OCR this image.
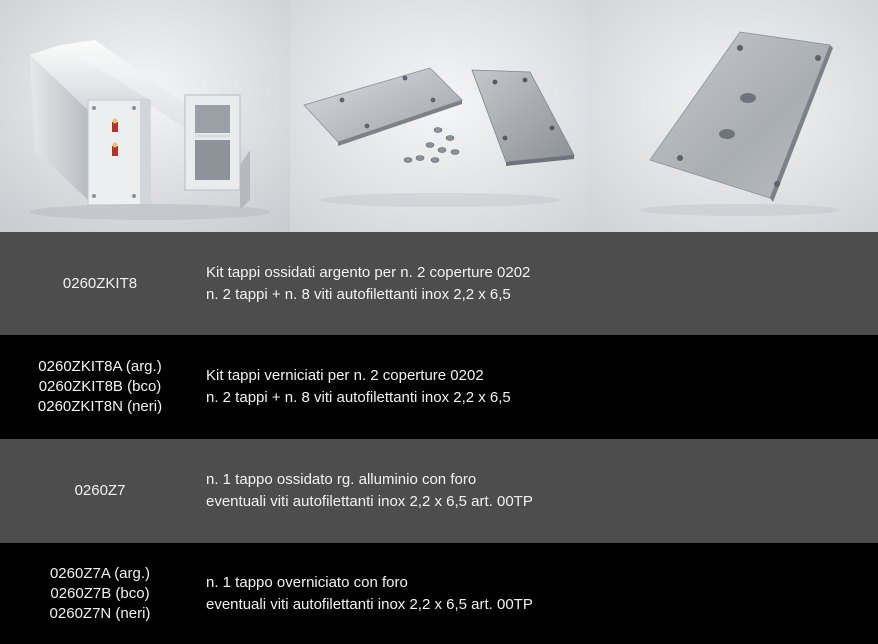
0260ZKIT8
Kit tappi ossidati argento per n. 2 coperture 0202
n. 2 tappi + n. 8 viti autofilettanti inox 2,2 x 6,5
0260ZKIT8A (arg.)
0260ZKIT8B (bco)
0260ZKIT8N (neri)
Kit tappi verniciati per n. 2 coperture 0202
n. 2 tappi + n. 8 viti autofilettanti inox 2,2 x 6,5
0260Z7
n. 1 tappo ossidato rg. alluminio con foro
eventuali viti autofilettanti inox 2,2 x 6,5 art. 00TP
0260Z7A (arg.)
0260Z7B (bco)
0260Z7N (neri)
n. 1 tappo overniciato con foro
eventuali viti autofilettanti inox 2,2 x 6,5 art. 00TP
